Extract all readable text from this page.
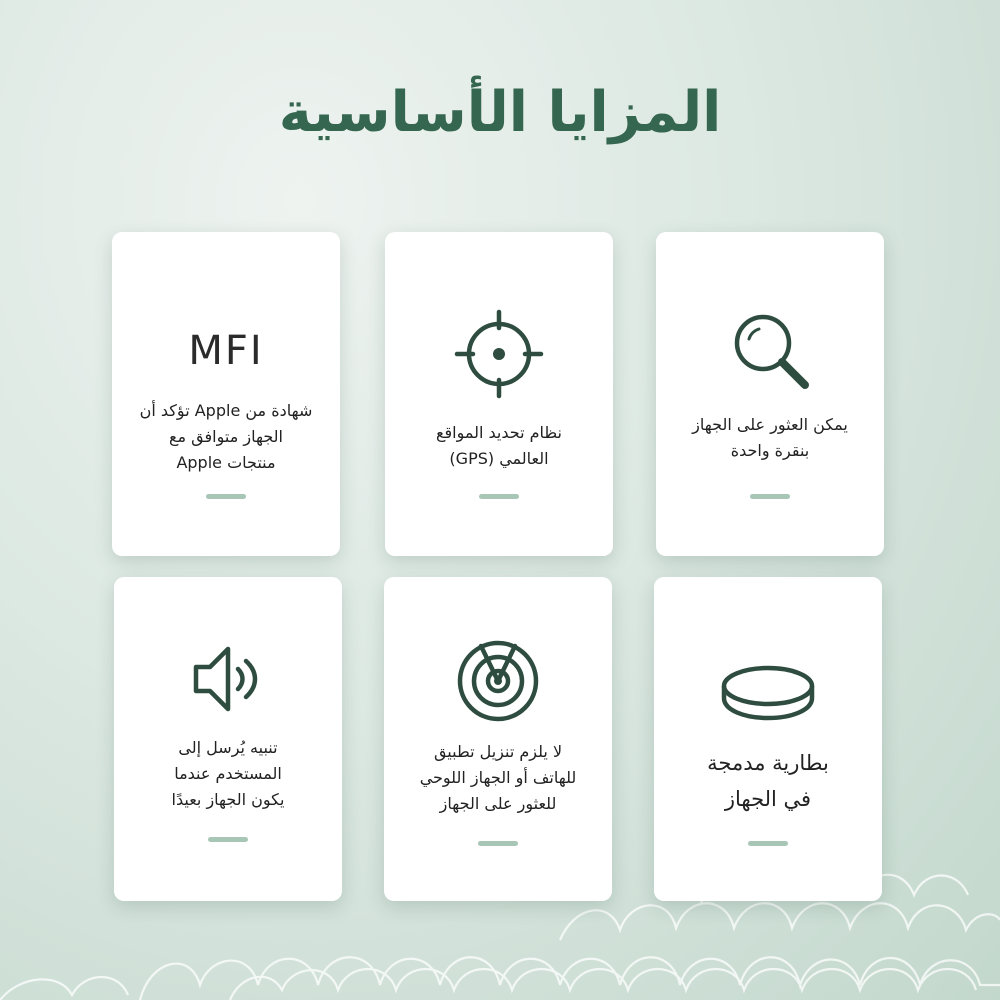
المزايا الأساسية
يمكن العثور على الجهاز
بنقرة واحدة
نظام تحديد المواقع
العالمي (GPS)
MFI
شهادة من Apple تؤكد أن
الجهاز متوافق مع
منتجات Apple
بطارية مدمجة
في الجهاز
لا يلزم تنزيل تطبيق
للهاتف أو الجهاز اللوحي
للعثور على الجهاز
تنبيه يُرسل إلى
المستخدم عندما
يكون الجهاز بعيدًا
